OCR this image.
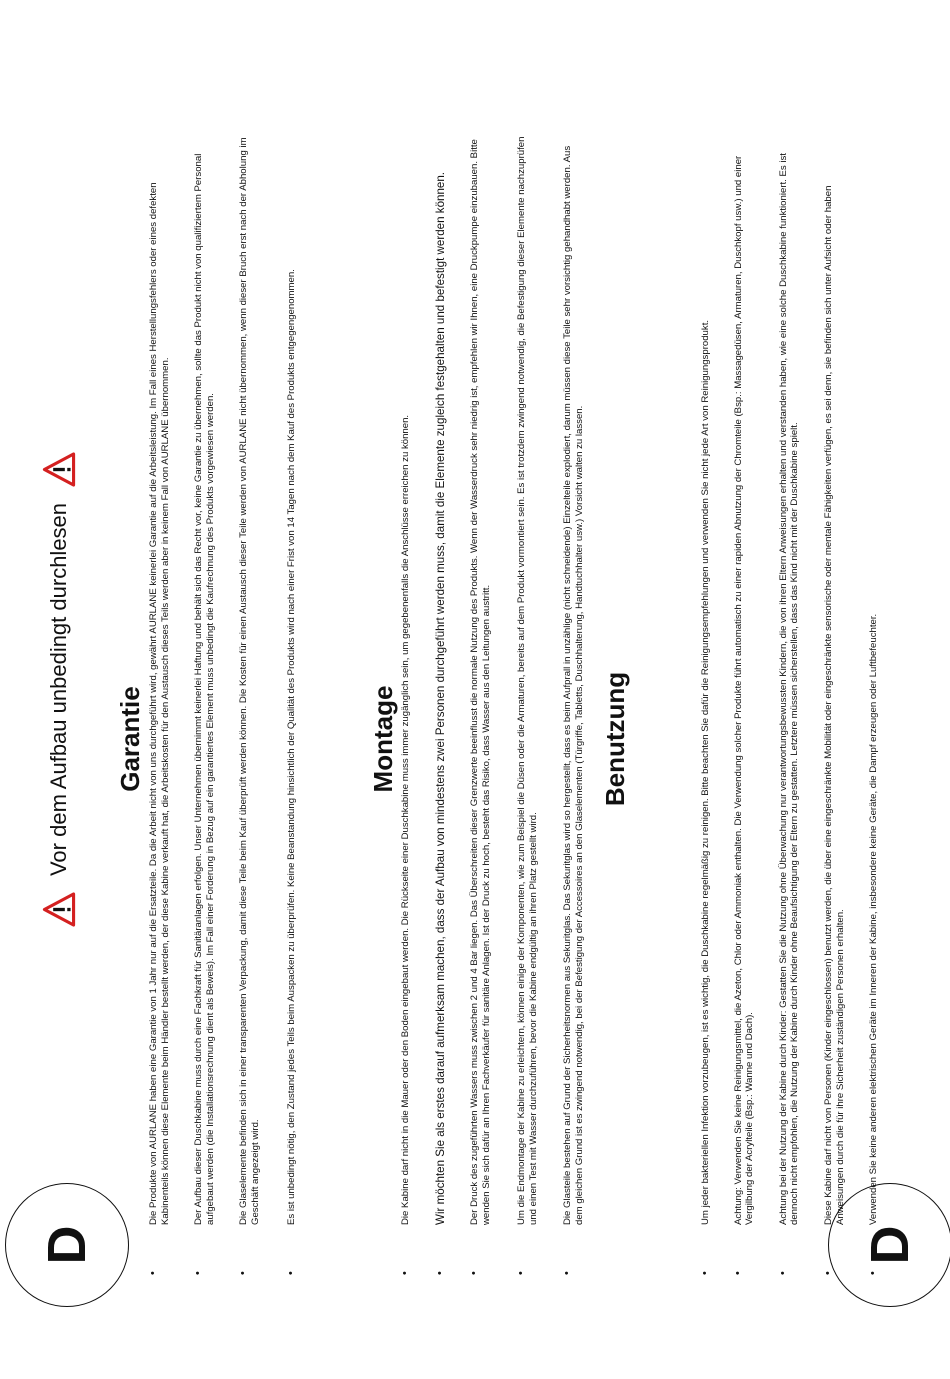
D	D
Vor dem Aufbau unbedingt durchlesen Garantie • Die Produkte von AURLANE haben eine Garantie von 1 Jahr nur auf die Ersatzteile. Da die Arbeit nicht von uns durchgeführt wird, gewährt AURLANE keinerlei Garantie auf die Arbeitsleistung. Im Fall eines Herstellungsfehlers oder eines defekten Kabinenteils können diese Elemente beim Händler bestellt werden, der diese Kabine verkauft hat, die Arbeitskosten für den Austausch dieses Teils werden aber in keinem Fall von AURLANE übernommen. • Der Aufbau dieser Duschkabine muss durch eine Fachkraft für Sanitäranlagen erfolgen. Unser Unternehmen übernimmt keinerlei Haftung und behält sich das Recht vor, keine Garantie zu übernehmen, sollte das Produkt nicht von qualifiziertem Personal aufgebaut werden (die Installationsrechnung dient als Beweis). Im Fall einer Forderung in Bezug auf ein garantiertes Element muss unbedingt die Kaufrechnung des Produkts vorgewiesen werden. • Die Glaselemente befinden sich in einer transparenten Verpackung, damit diese Teile beim Kauf überprüft werden können. Die Kosten für einen Austausch dieser Teile werden von AURLANE nicht übernommen, wenn dieser Bruch erst nach der Abholung im Geschäft angezeigt wird.	• Es ist unbedingt nötig, den Zustand jedes Teils beim Auspacken zu überprüfen. Keine Beanstandung hinsichtlich der Qualität des Produkts wird nach einer Frist von 14 Tagen nach dem Kauf des Produkts entgegengenommen.	Montage • Die Kabine darf nicht in die Mauer oder den Boden eingebaut werden. Die Rückseite einer Duschkabine muss immer zugänglich sein, um gegebenenfalls die Anschlüsse erreichen zu können. • Wir möchten Sie als erstes darauf aufmerksam machen, dass der Aufbau von mindestens zwei Personen durchgeführt werden muss, damit die Elemente zugleich festgehalten und befestigt werden können. • Der Druck des zugeführten Wassers muss zwischen 2 und 4 Bar liegen. Das Überschreiten dieser Grenzwerte beeinflusst die normale Nutzung des Produkts. Wenn der Wasserdruck sehr niedrig ist, empfehlen wir Ihnen, eine Druckpumpe einzubauen. Bitte wenden Sie sich dafür an Ihren Fachverkäufer für sanitäre Anlagen. Ist der Druck zu hoch, besteht das Risiko, dass Wasser aus den Leitungen austritt.	• Um die Endmontage der Kabine zu erleichtern, können einige der Komponenten, wie zum Beispiel die Düsen oder die Armaturen, bereits auf dem Produkt vormontiert sein. Es ist trotzdem zwingend notwendig, die Befestigung dieser Elemente nachzuprüfen und einen Test mit Wasser durchzuführen, bevor die Kabine endgültig an ihren Platz gestellt wird. • Die Glasteile bestehen auf Grund der Sicherheitsnormen aus Sekuritglas. Das Sekuritglas wird so hergestellt, dass es beim Aufprall in unzählige (nicht schneidende) Einzelteile explodiert, darum müssen diese Teile sehr vorsichtig gehandhabt werden. Aus dem gleichen Grund ist es zwingend notwendig, bei der Befestigung der Accessoires an den Glaselementen (Türgriffe, Tabletts, Duschhalterung, Handtuchhalter usw.) Vorsicht walten zu lassen. Benutzung	• Um jeder bakteriellen Infektion vorzubeugen, ist es wichtig, die Duschkabine regelmäßig zu reinigen. Bitte beachten Sie dafür die Reinigungsempfehlungen und verwenden Sie nicht jede Art von Reinigungsprodukt. • Achtung: Verwenden Sie keine Reinigungsmittel, die Azeton, Chlor oder Ammoniak enthalten. Die Verwendung solcher Produkte führt automatisch zu einer rapiden Abnutzung der Chromteile (Bsp.: Massagedüsen, Armaturen, Duschkopf usw.) und einer Vergilbung der Acrylteile (Bsp.: Wanne und Dach). • Achtung bei der Nutzung der Kabine durch Kinder: Gestatten Sie die Nutzung ohne Überwachung nur verantwortungsbewussten Kindern, die von ihren Eltern Anweisungen erhalten und verstanden haben, wie eine solche Duschkabine funktioniert. Es ist dennoch nicht empfohlen, die Nutzung der Kabine durch Kinder ohne Beaufsichtigung der Eltern zu gestatten. Letztere müssen sicherstellen, dass das Kind nicht mit der Duschkabine spielt. • Diese Kabine darf nicht von Personen (Kinder eingeschlossen) benutzt werden, die über eine eingeschränkte Mobilität oder eingeschränkte sensorische oder mentale Fähigkeiten verfügen, es sei denn, sie befinden sich unter Aufsicht oder haben Anweisungen durch die für ihre Sicherheit zuständigen Personen erhalten. • Verwenden Sie keine anderen elektrischen Geräte im Inneren der Kabine, insbesondere keine Geräte, die Dampf erzeugen oder Luftbefeuchter.
